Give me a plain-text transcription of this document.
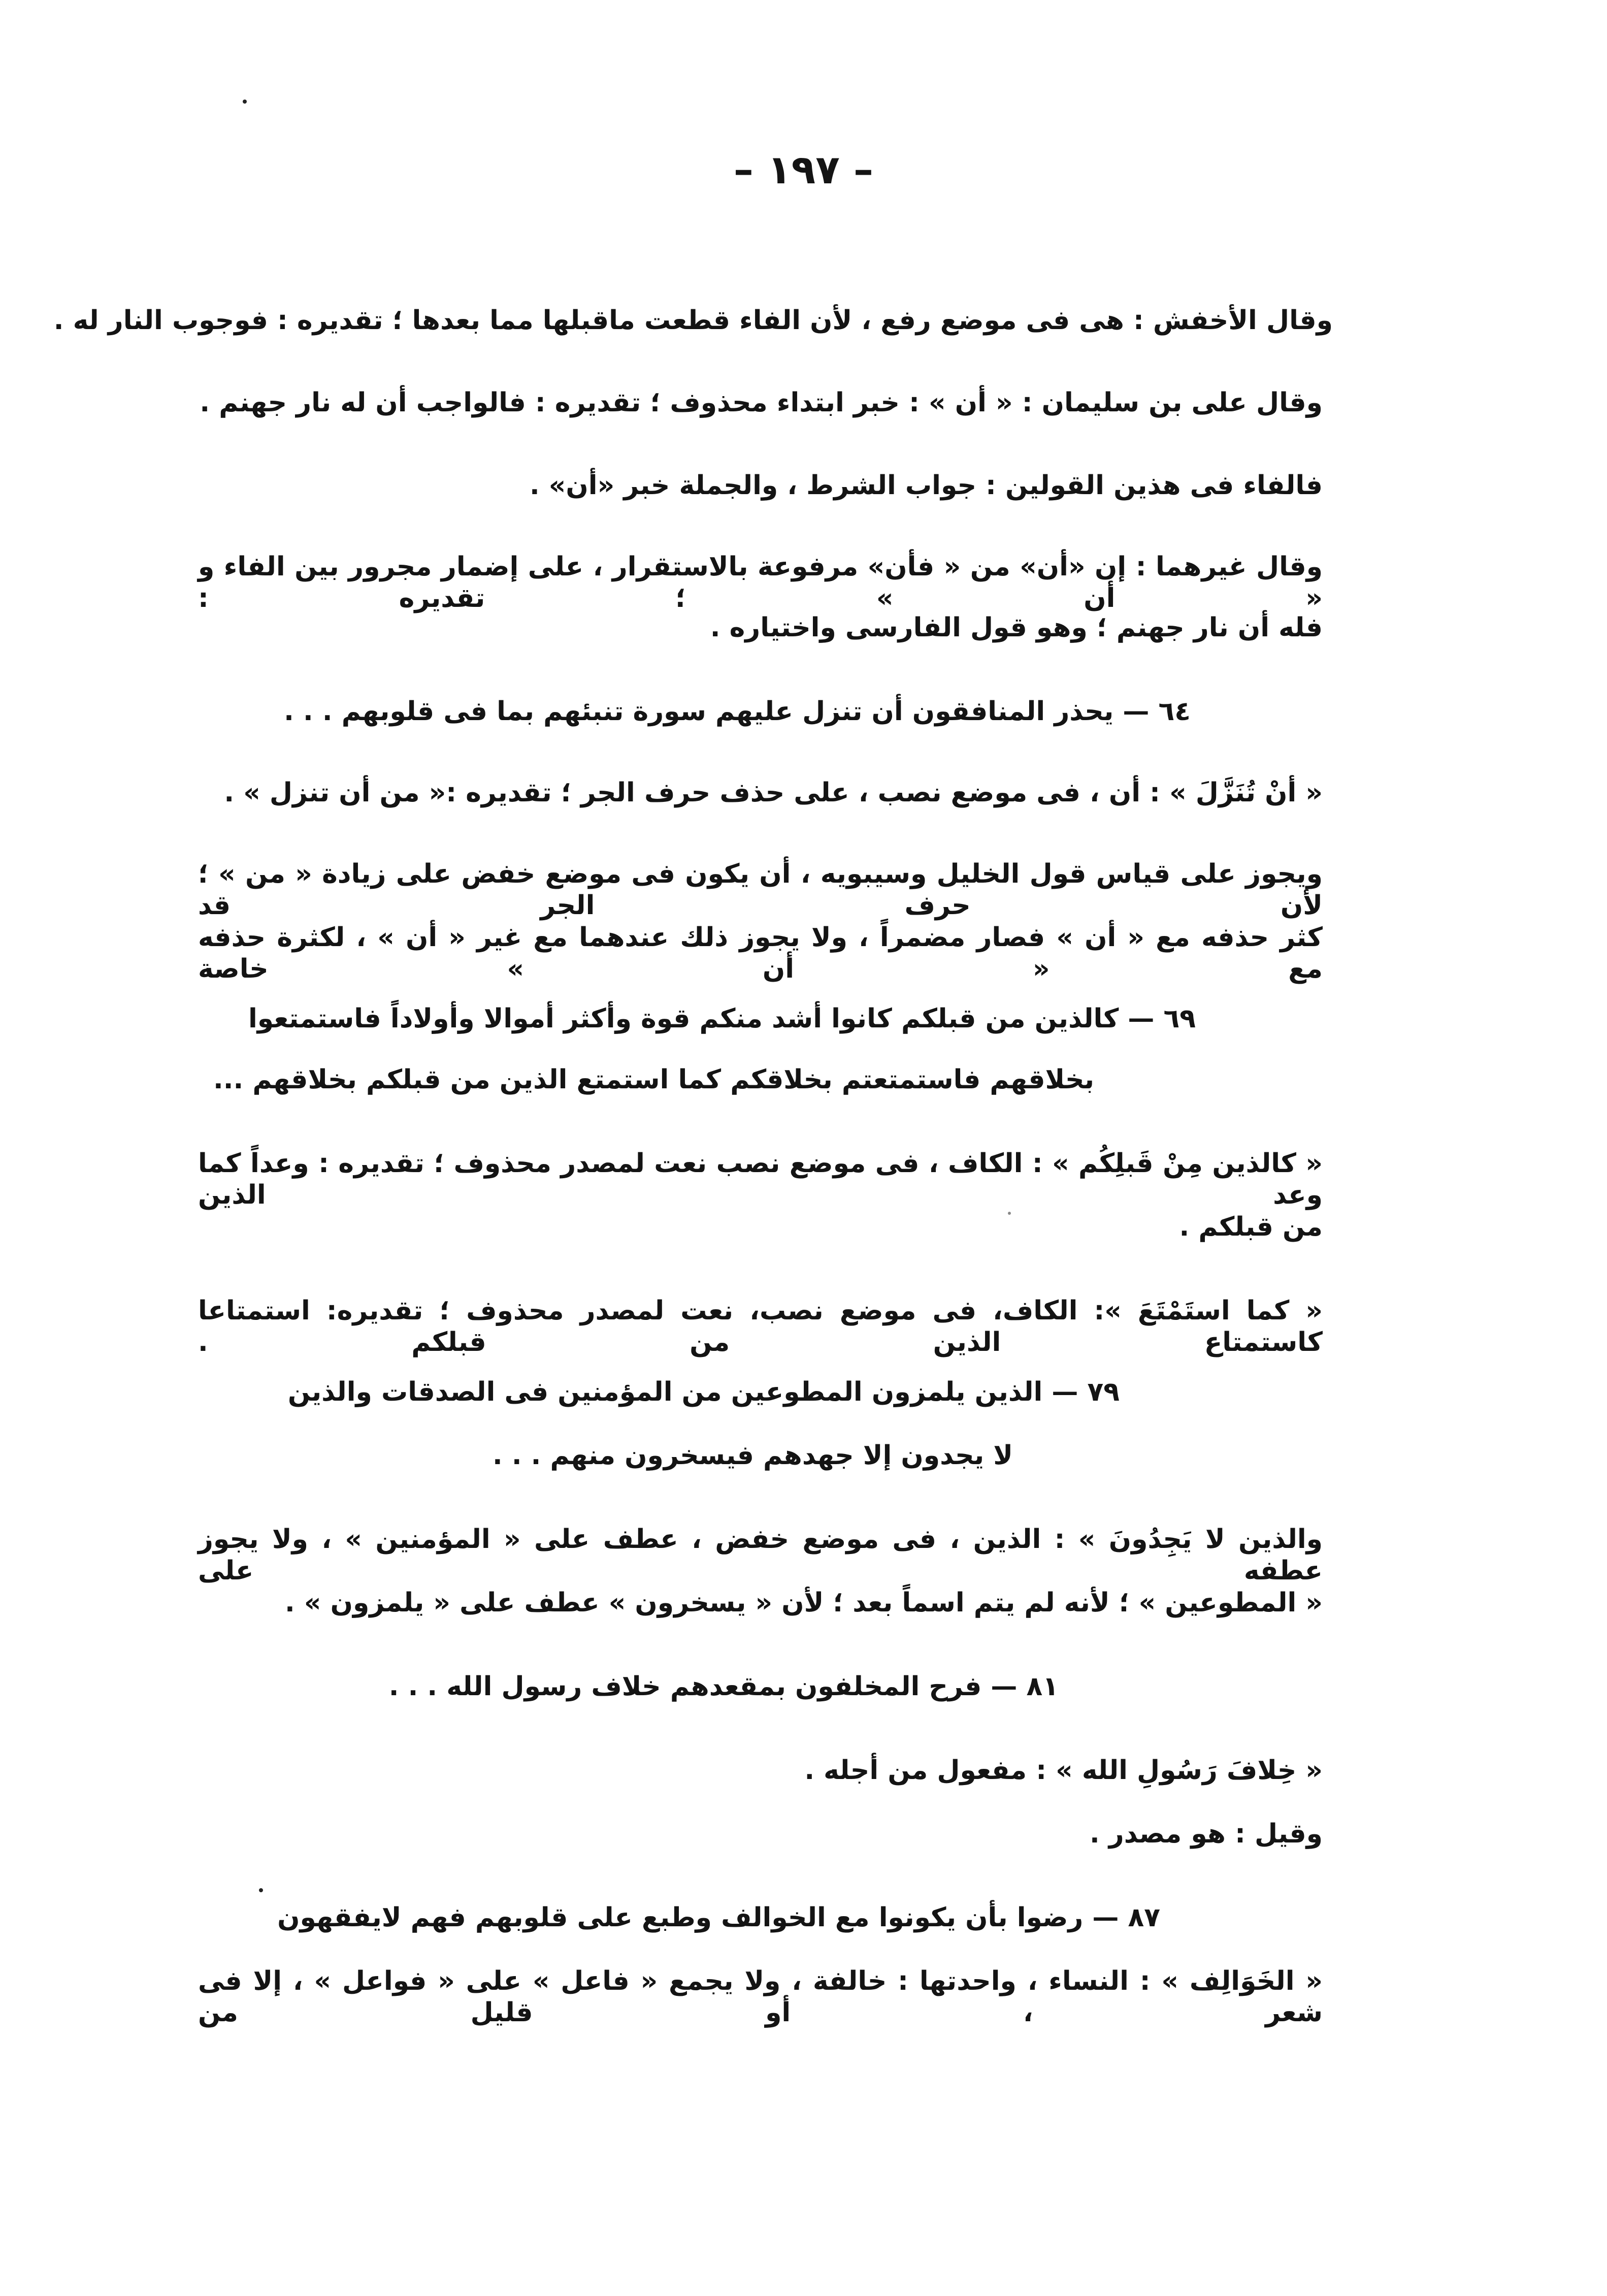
– ١٩٧ –
وقال الأخفش : هى فى موضع رفع ، لأن الفاء قطعت ماقبلها مما بعدها ؛ تقديره : فوجوب النار له .
وقال على بن سليمان : « أن » : خبر ابتداء محذوف ؛ تقديره : فالواجب أن له نار جهنم .
فالفاء فى هذين القولين : جواب الشرط ، والجملة خبر «أن» .
وقال غيرهما : إن «أن» من « فأن» مرفوعة بالاستقرار ، على إضمار مجرور بين الفاء و « أن » ؛ تقديره :
فله أن نار جهنم ؛ وهو قول الفارسى واختياره .
٦٤ — يحذر المنافقون أن تنزل عليهم سورة تنبئهم بما فى قلوبهم . . .
« أنْ تُنَزَّلَ » : أن ، فى موضع نصب ، على حذف حرف الجر ؛ تقديره :« من أن تنزل » .
ويجوز على قياس قول الخليل وسيبويه ، أن يكون فى موضع خفض على زيادة « من » ؛ لأن حرف الجر قد
كثر حذفه مع « أن » فصار مضمراً ، ولا يجوز ذلك عندهما مع غير « أن » ، لكثرة حذفه مع « أن » خاصة
٦٩ — كالذين من قبلكم كانوا أشد منكم قوة وأكثر أموالا وأولاداً فاستمتعوا
بخلاقهم فاستمتعتم بخلاقكم كما استمتع الذين من قبلكم بخلاقهم ...
« كالذين مِنْ قَبلِكُم » : الكاف ، فى موضع نصب نعت لمصدر محذوف ؛ تقديره : وعداً كما وعد الذين
من قبلكم .
« كما استَمْتَعَ »: الكاف، فى موضع نصب، نعت لمصدر محذوف ؛ تقديره: استمتاعا كاستمتاع الذين من قبلكم .
٧٩ — الذين يلمزون المطوعين من المؤمنين فى الصدقات والذين
لا يجدون إلا جهدهم فيسخرون منهم . . .
والذين لا يَجِدُونَ » : الذين ، فى موضع خفض ، عطف على « المؤمنين » ، ولا يجوز عطفه على
« المطوعين » ؛ لأنه لم يتم اسماً بعد ؛ لأن « يسخرون » عطف على « يلمزون » .
٨١ — فرح المخلفون بمقعدهم خلاف رسول الله . . .
« خِلافَ رَسُولِ الله » : مفعول من أجله .
وقيل : هو مصدر .
٨٧ — رضوا بأن يكونوا مع الخوالف وطبع على قلوبهم فهم لايفقهون
« الخَوَالِف » : النساء ، واحدتها : خالفة ، ولا يجمع « فاعل » على « فواعل » ، إلا فى شعر ، أو قليل من
